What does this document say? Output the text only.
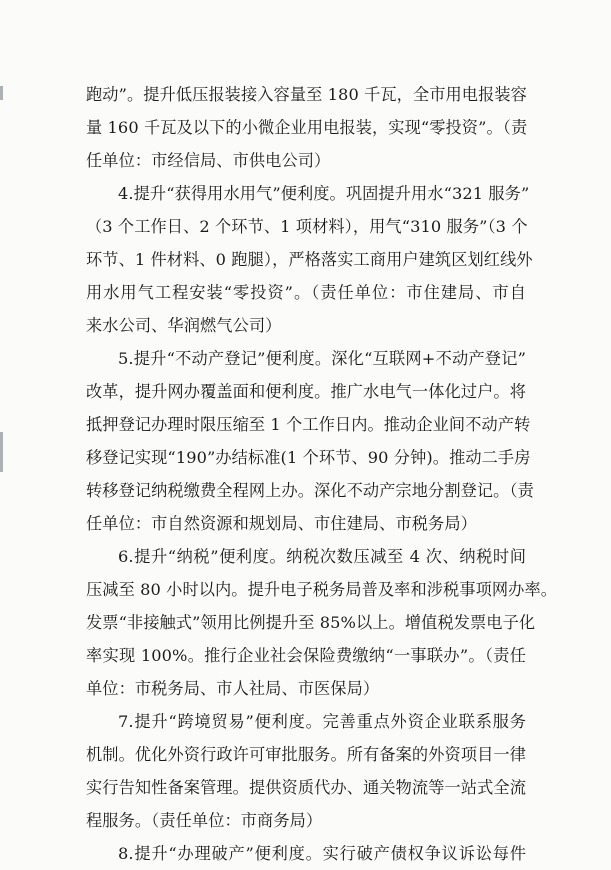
跑动”。提升低压报装接入容量至 180 千瓦，全市用电报装容
量 160 千瓦及以下的小微企业用电报装，实现“零投资”。（责
任单位：市经信局、市供电公司）
4.提升“获得用水用气”便利度。巩固提升用水“321 服务”
（3 个工作日、2 个环节、1 项材料），用气“310 服务”（3 个
环节、1 件材料、0 跑腿），严格落实工商用户建筑区划红线外
用水用气工程安装“零投资”。（责任单位：市住建局、市自
来水公司、华润燃气公司）
5.提升“不动产登记”便利度。深化“互联网+不动产登记”
改革，提升网办覆盖面和便利度。推广水电气一体化过户。将
抵押登记办理时限压缩至 1 个工作日内。推动企业间不动产转
移登记实现“190”办结标准(1 个环节、90 分钟)。推动二手房
转移登记纳税缴费全程网上办。深化不动产宗地分割登记。（责
任单位：市自然资源和规划局、市住建局、市税务局）
6.提升“纳税”便利度。纳税次数压减至 4 次、纳税时间
压减至 80 小时以内。提升电子税务局普及率和涉税事项网办率。
发票“非接触式”领用比例提升至 85%以上。增值税发票电子化
率实现 100%。推行企业社会保险费缴纳“一事联办”。（责任
单位：市税务局、市人社局、市医保局）
7.提升“跨境贸易”便利度。完善重点外资企业联系服务
机制。优化外资行政许可审批服务。所有备案的外资项目一律
实行告知性备案管理。提供资质代办、通关物流等一站式全流
程服务。（责任单位：市商务局）
8.提升“办理破产”便利度。实行破产债权争议诉讼每件
